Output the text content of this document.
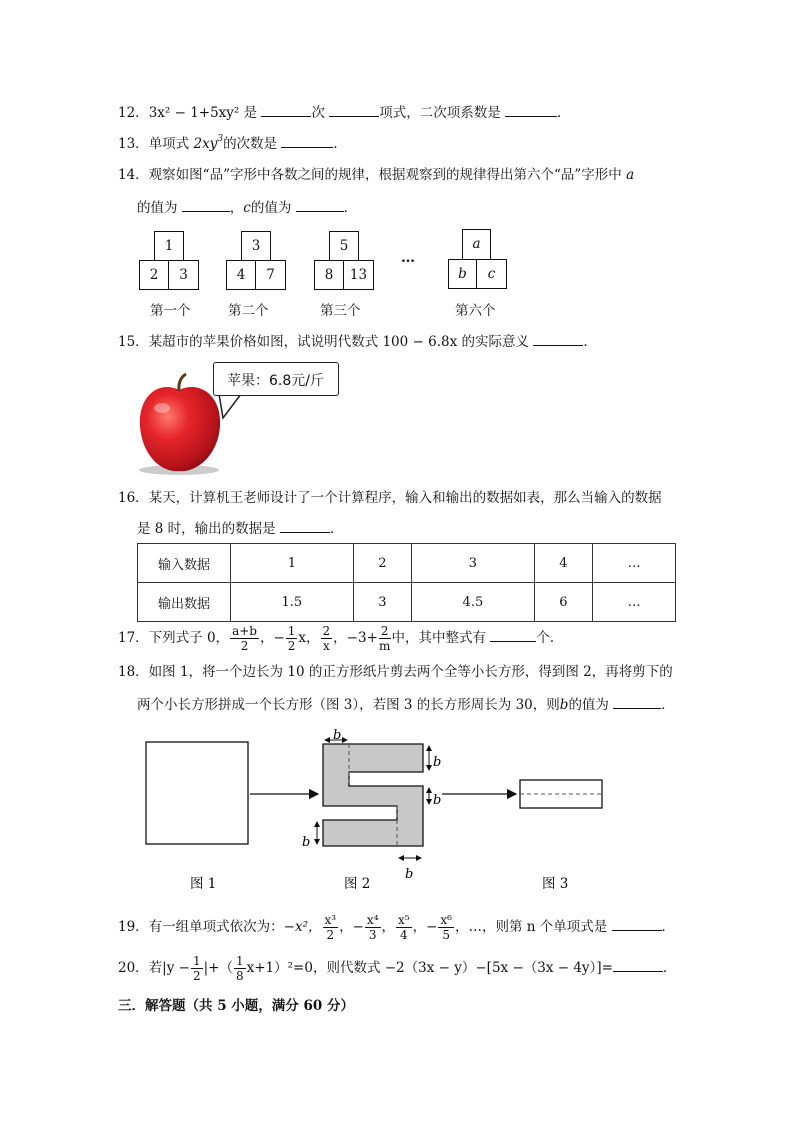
12．3x² − 1+5xy² 是	次	项式，二次项系数是	．
13．单项式 $2xy^3$的次数是	．
14．观察如图“品”字形中各数之间的规律，根据观察到的规律得出第六个“品”字形中 a
的值为	，c的值为	．
1
2	3
第一个
3
4	7
第二个
5
8	13
第三个
…
a
b	c
第六个
15．某超市的苹果价格如图，试说明代数式 100 − 6.8x 的实际意义	．
苹果：6.8元/斤
16．某天，计算机王老师设计了一个计算程序，输入和输出的数据如表，那么当输入的数据
是 8 时，输出的数据是	．
输入数据	1	2	3	4	…
输出数据	1.5	3	4.5	6	…
17．下列式子 0， $\frac{a+b}{2}$ ，− $\frac{1}{2}$ x， $\frac{2}{x}$ ，$-3+ \frac{2}{m}$ 中，其中整式有	个．
18．如图 1，将一个边长为 10 的正方形纸片剪去两个全等小长方形，得到图 2，再将剪下的
两个小长方形拼成一个长方形（图 3），若图 3 的长方形周长为 30，则b的值为	．
b
b
b
b
b
图 1	图 2	图 3
19．有一组单项式依次为：−x²， $\frac{\text{x³}}{2}$ ，− $\frac{\text{x⁴}}{3}$ ， $\frac{\text{x⁵}}{4}$ ，− $\frac{\text{x⁶}}{5}$ ，…，则第 n 个单项式是	．
20．若$|y - \frac{1}{2}$ |+（ $\frac{1}{8} x+1)^2=0$，则代数式 −2（3x − y）−[5x −（3x − 4y）]=	．
三．解答题（共 5 小题，满分 60 分）
